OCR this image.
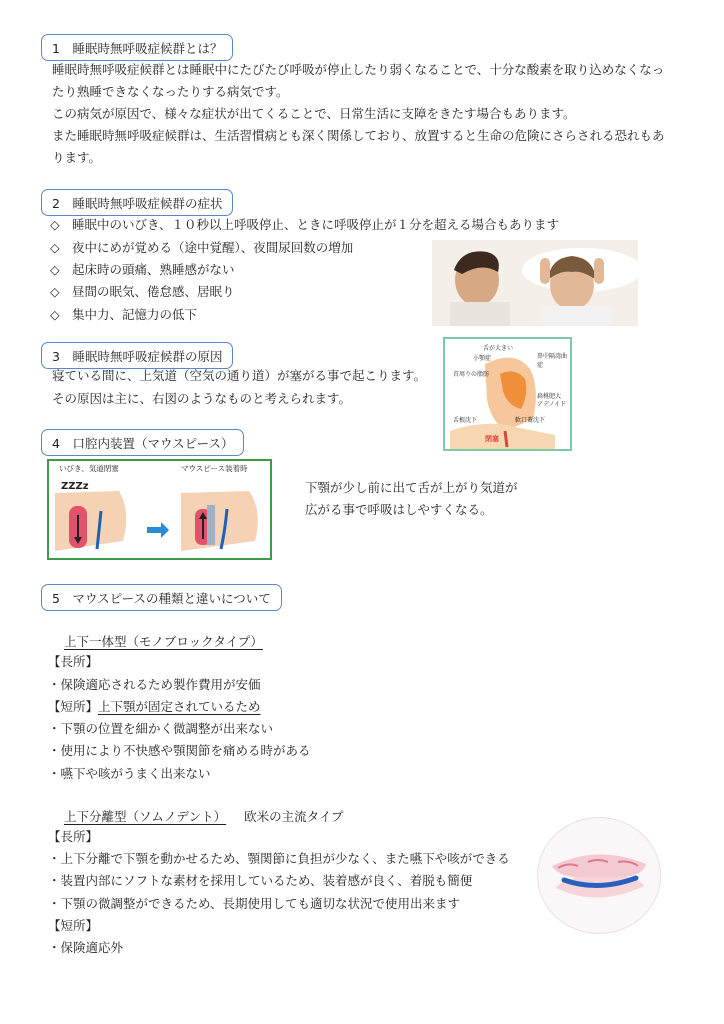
1　睡眠時無呼吸症候群とは？
睡眠時無呼吸症候群とは睡眠中にたびたび呼吸が停止したり弱くなることで、十分な酸素を取り込めなくなっ
たり熟睡できなくなったりする病気です。
この病気が原因で、様々な症状が出てくることで、日常生活に支障をきたす場合もあります。
また睡眠時無呼吸症候群は、生活習慣病とも深く関係しており、放置すると生命の危険にさらされる恐れもあ
ります。
2　睡眠時無呼吸症候群の症状
◇ 睡眠中のいびき、１０秒以上呼吸停止、ときに呼吸停止が１分を超える場合もあります
◇ 夜中にめが覚める（途中覚醒）、夜間尿回数の増加
◇ 起床時の頭痛、熟睡感がない
◇ 昼間の眠気、倦怠感、居眠り
◇ 集中力、記憶力の低下
3　睡眠時無呼吸症候群の原因
寝ている間に、上気道（空気の通り道）が塞がる事で起こります。
その原因は主に、右図のようなものと考えられます。
舌が大きい
小顎症	鼻中隔湾曲症
首周りの脂肪
扁桃肥大
アデノイド
舌根沈下	軟口蓋沈下
閉塞
4　口腔内装置（マウスピース）
いびき、気道閉塞	マウスピース装着時
ZZZz	下顎が少し前に出て舌が上がり気道が
広がる事で呼吸はしやすくなる。
5　マウスピースの種類と違いについて
上下一体型（モノブロックタイプ）
【長所】
・保険適応されるため製作費用が安価
【短所】上下顎が固定されているため
・下顎の位置を細かく微調整が出来ない
・使用により不快感や顎関節を痛める時がある
・嚥下や咳がうまく出来ない
上下分離型（ソムノデント） 欧米の主流タイプ
【長所】
・上下分離で下顎を動かせるため、顎関節に負担が少なく、また嚥下や咳ができる
・装置内部にソフトな素材を採用しているため、装着感が良く、着脱も簡便
・下顎の微調整ができるため、長期使用しても適切な状況で使用出来ます
【短所】
・保険適応外
